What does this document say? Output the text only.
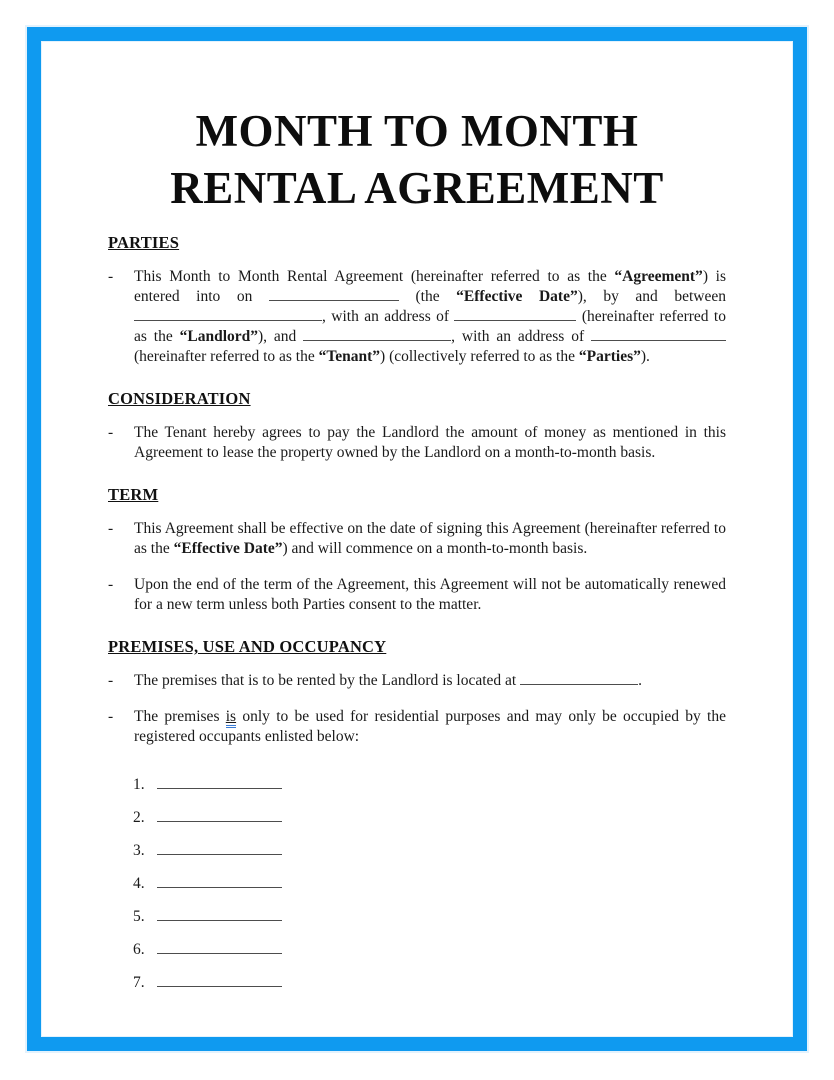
MONTH TO MONTH
RENTAL AGREEMENT
PARTIES
-	This Month to Month Rental Agreement (hereinafter referred to as the “Agreement”) is entered into on	(the “Effective Date”), by and between , with an address of	(hereinafter referred to as the “Landlord”), and	, with an address of  (hereinafter referred to as the “Tenant”) (collectively referred to as the “Parties”).

CONSIDERATION
-	The Tenant hereby agrees to pay the Landlord the amount of money as mentioned in this Agreement to lease the property owned by the Landlord on a month-to-month basis.

TERM
-	This Agreement shall be effective on the date of signing this Agreement (hereinafter referred to as the “Effective Date”) and will commence on a month-to-month basis.

-	Upon the end of the term of the Agreement, this Agreement will not be automatically renewed for a new term unless both Parties consent to the matter.

PREMISES, USE AND OCCUPANCY
-	The premises that is to be rented by the Landlord is located at	.

-	The premises is only to be used for residential purposes and may only be occupied by the registered occupants enlisted below:

1.
2.
3.
4.
5.
6.
7.
